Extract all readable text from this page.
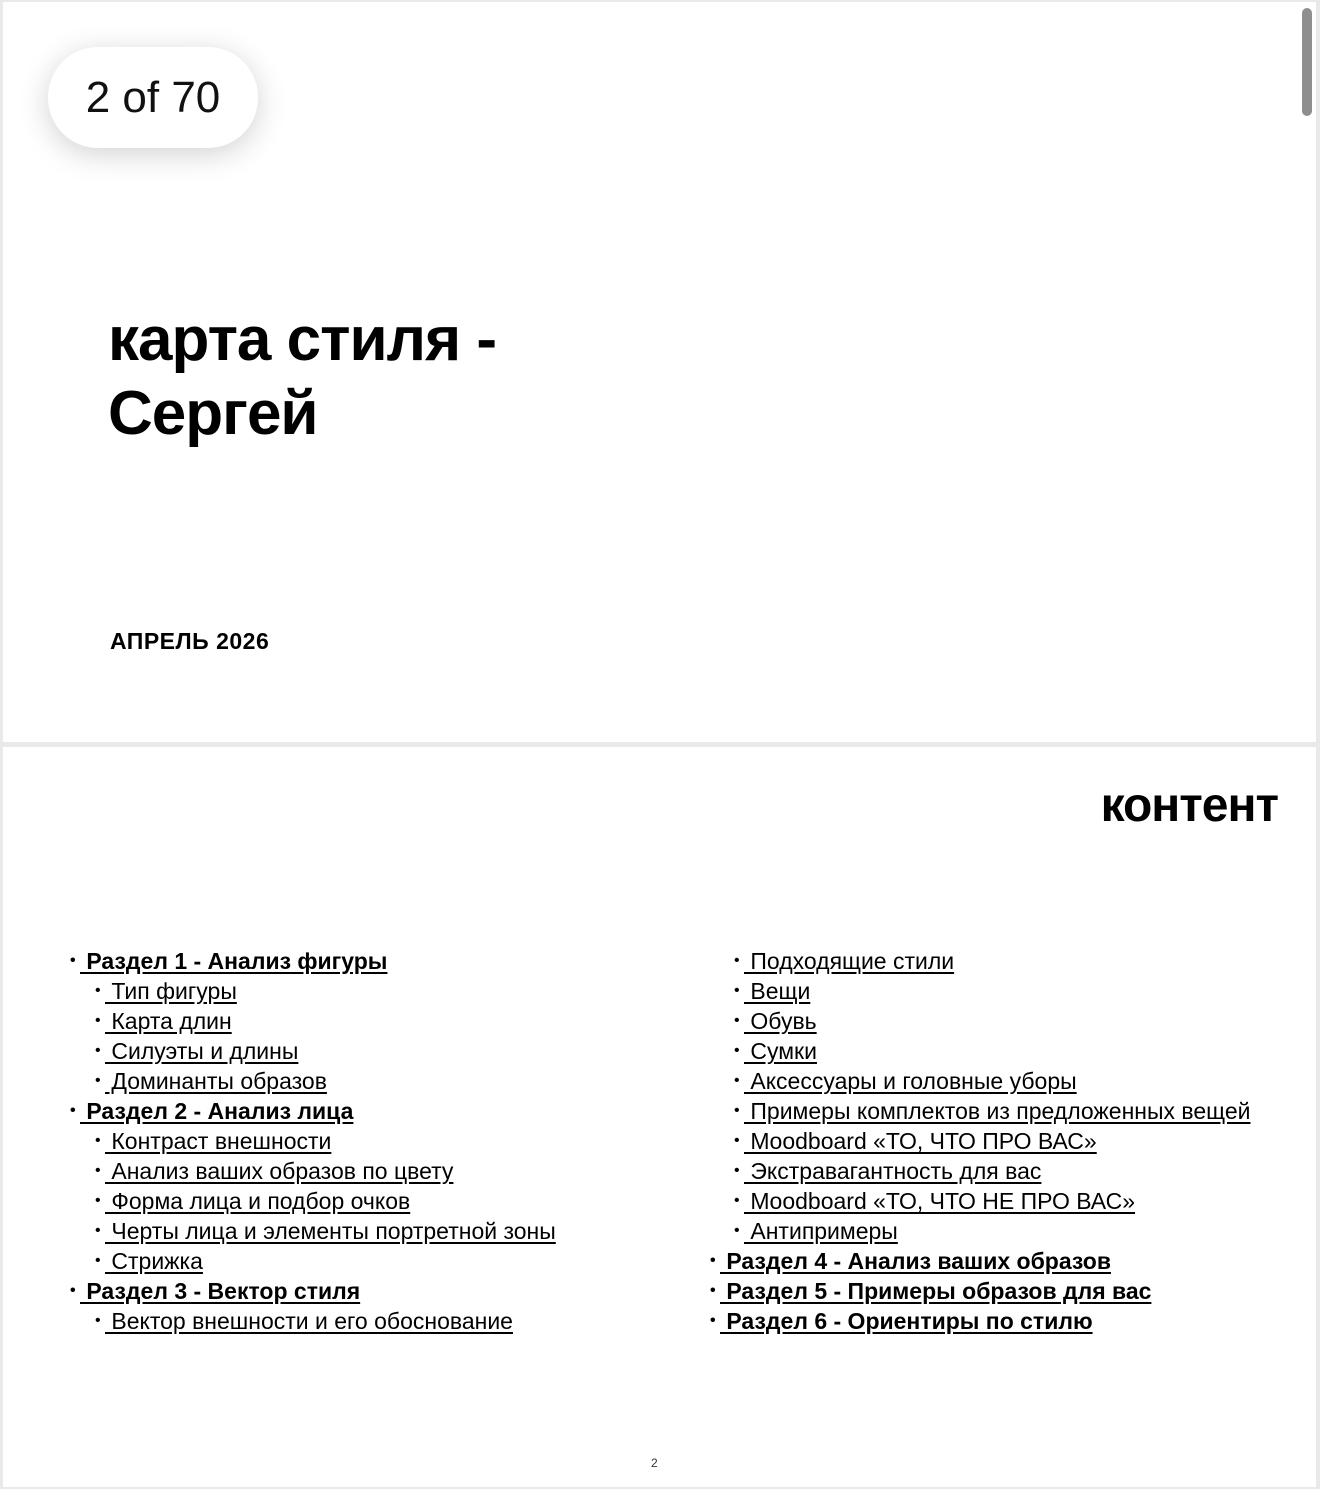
2 of 70
карта стиля -
Сергей
АПРЕЛЬ 2026
контент
• Раздел 1 - Анализ фигуры
• Тип фигуры
• Карта длин
• Силуэты и длины
• Доминанты образов
• Раздел 2 - Анализ лица
• Контраст внешности
• Анализ ваших образов по цвету
• Форма лица и подбор очков
• Черты лица и элементы портретной зоны
• Стрижка
• Раздел 3 - Вектор стиля
• Вектор внешности и его обоснование
• Подходящие стили
• Вещи
• Обувь
• Сумки
• Аксессуары и головные уборы
• Примеры комплектов из предложенных вещей
• Moodboard «ТО, ЧТО ПРО ВАС»
• Экстравагантность для вас
• Moodboard «ТО, ЧТО НЕ ПРО ВАС»
• Антипримеры
• Раздел 4 - Анализ ваших образов
• Раздел 5 - Примеры образов для вас
• Раздел 6 - Ориентиры по стилю
2
